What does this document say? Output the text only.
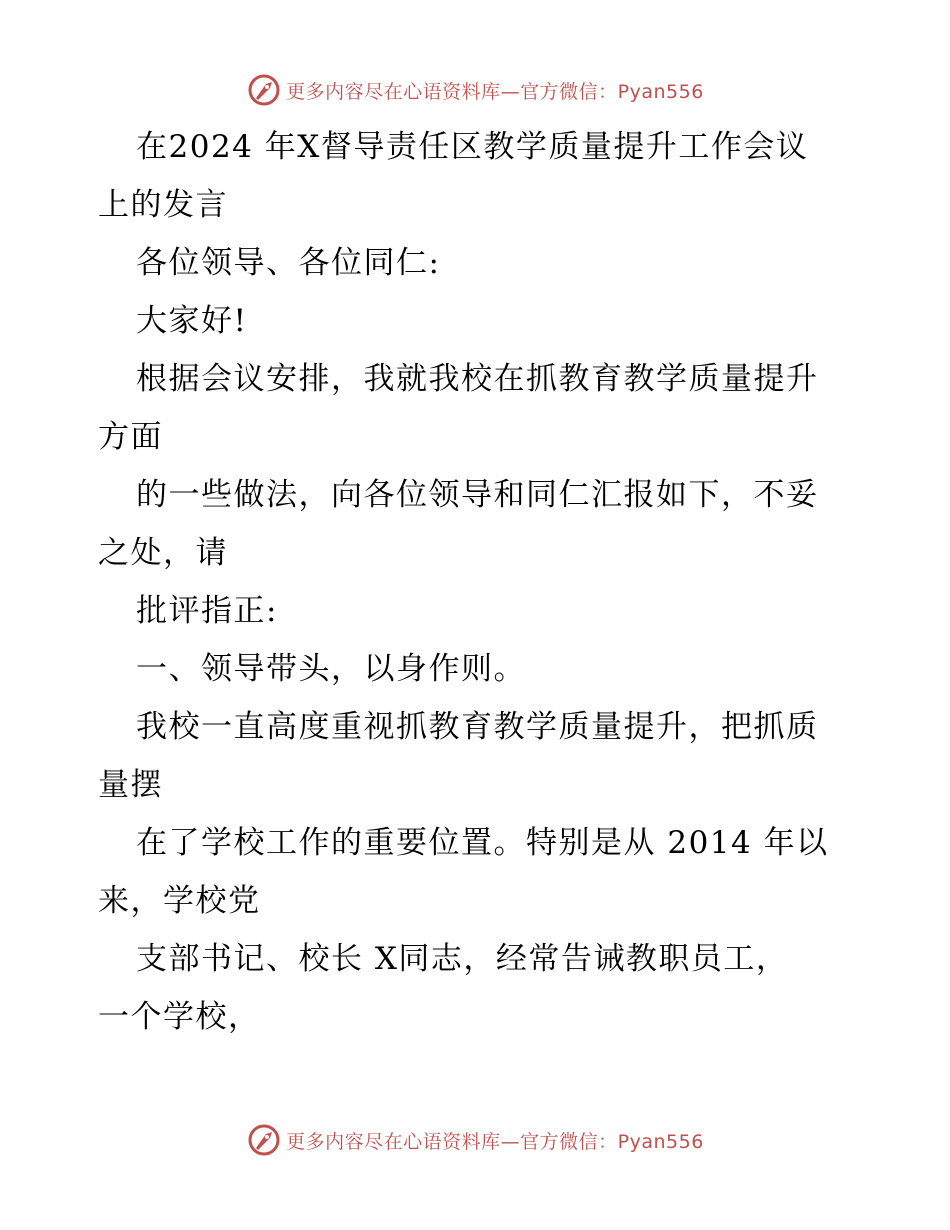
更多内容尽在心语资料库—官方微信：Pyan556
在2024 年X督导责任区教学质量提升工作会议
上的发言
各位领导、各位同仁:
大家好!
根据会议安排，我就我校在抓教育教学质量提升
方面
的一些做法，向各位领导和同仁汇报如下，不妥
之处，请
批评指正:
一、领导带头，以身作则。
我校一直高度重视抓教育教学质量提升，把抓质
量摆
在了学校工作的重要位置。特别是从 2014 年以
来，学校党
支部书记、校长 X同志，经常告诫教职员工，
一个学校，
更多内容尽在心语资料库—官方微信：Pyan556
